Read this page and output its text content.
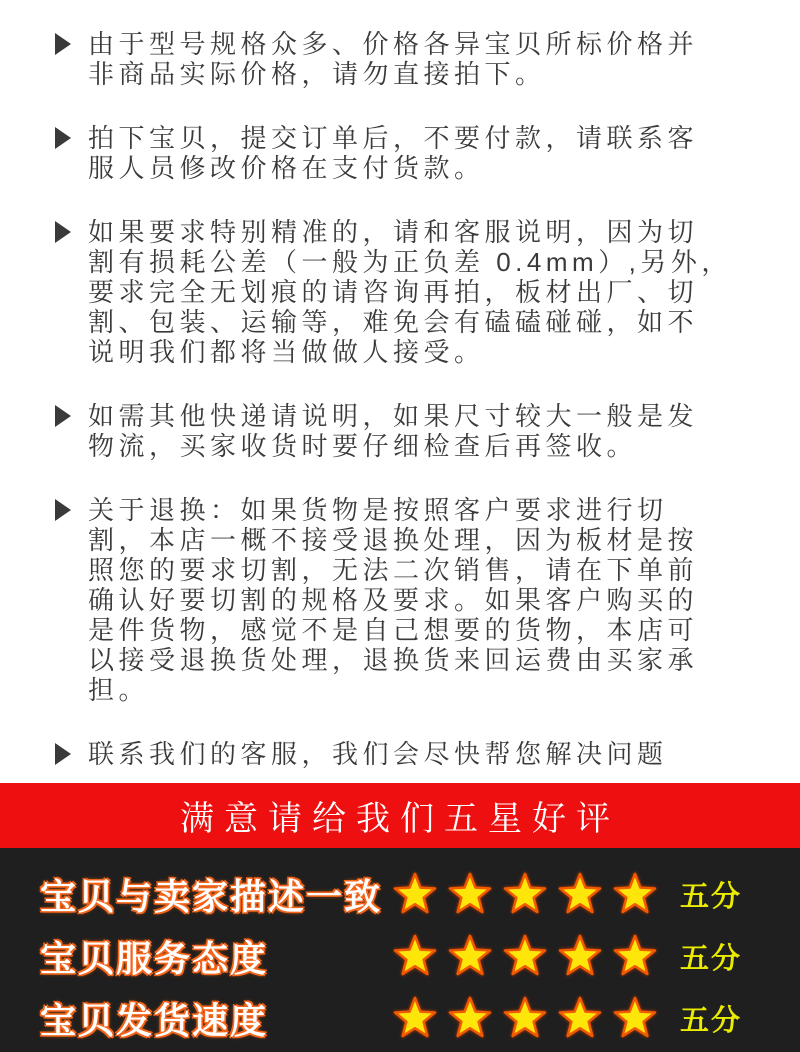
由于型号规格众多、价格各异宝贝所标价格并
非商品实际价格，请勿直接拍下。
拍下宝贝，提交订单后，不要付款，请联系客
服人员修改价格在支付货款。
如果要求特别精准的，请和客服说明，因为切
割有损耗公差（一般为正负差 0.4mm）,另外，
要求完全无划痕的请咨询再拍，板材出厂、切
割、包装、运输等，难免会有磕磕碰碰，如不
说明我们都将当做做人接受。
如需其他快递请说明，如果尺寸较大一般是发
物流，买家收货时要仔细检查后再签收。
关于退换：如果货物是按照客户要求进行切
割，本店一概不接受退换处理，因为板材是按
照您的要求切割，无法二次销售，请在下单前
确认好要切割的规格及要求。如果客户购买的
是件货物，感觉不是自己想要的货物，本店可
以接受退换货处理，退换货来回运费由买家承
担。
联系我们的客服，我们会尽快帮您解决问题
满意请给我们五星好评
宝贝与卖家描述一致	五分
宝贝服务态度	五分
宝贝发货速度	五分
